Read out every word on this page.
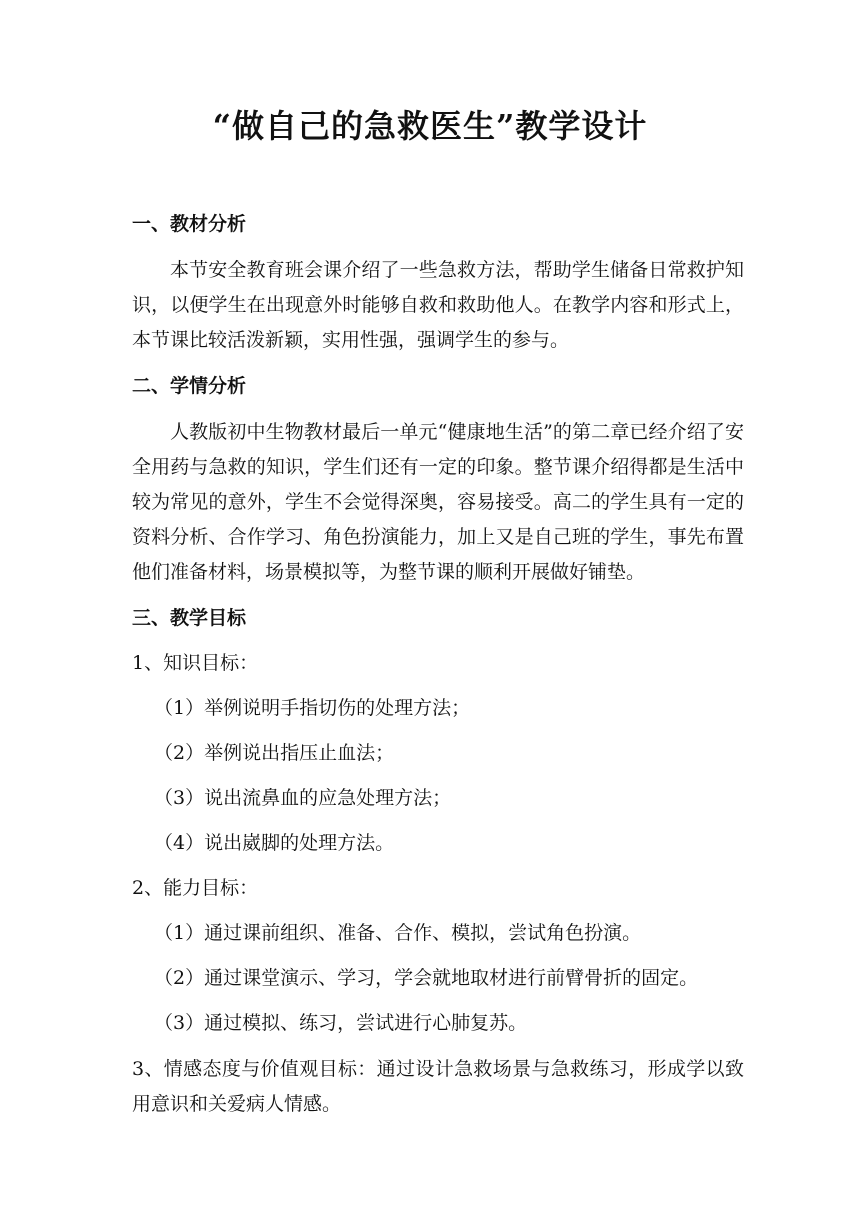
“做自己的急救医生”教学设计
一、教材分析

本节安全教育班会课介绍了一些急救方法，帮助学生储备日常救护知识，以便学生在出现意外时能够自救和救助他人。在教学内容和形式上，本节课比较活泼新颖，实用性强，强调学生的参与。

二、学情分析

人教版初中生物教材最后一单元“健康地生活”的第二章已经介绍了安全用药与急救的知识，学生们还有一定的印象。整节课介绍得都是生活中较为常见的意外，学生不会觉得深奥，容易接受。高二的学生具有一定的资料分析、合作学习、角色扮演能力，加上又是自己班的学生，事先布置他们准备材料，场景模拟等，为整节课的顺利开展做好铺垫。

三、教学目标
1、知识目标：
（1）举例说明手指切伤的处理方法；
（2）举例说出指压止血法；
（3）说出流鼻血的应急处理方法；
（4）说出崴脚的处理方法。
2、能力目标：
（1）通过课前组织、准备、合作、模拟，尝试角色扮演。
（2）通过课堂演示、学习，学会就地取材进行前臂骨折的固定。
（3）通过模拟、练习，尝试进行心肺复苏。

3、情感态度与价值观目标：通过设计急救场景与急救练习，形成学以致用意识和关爱病人情感。
